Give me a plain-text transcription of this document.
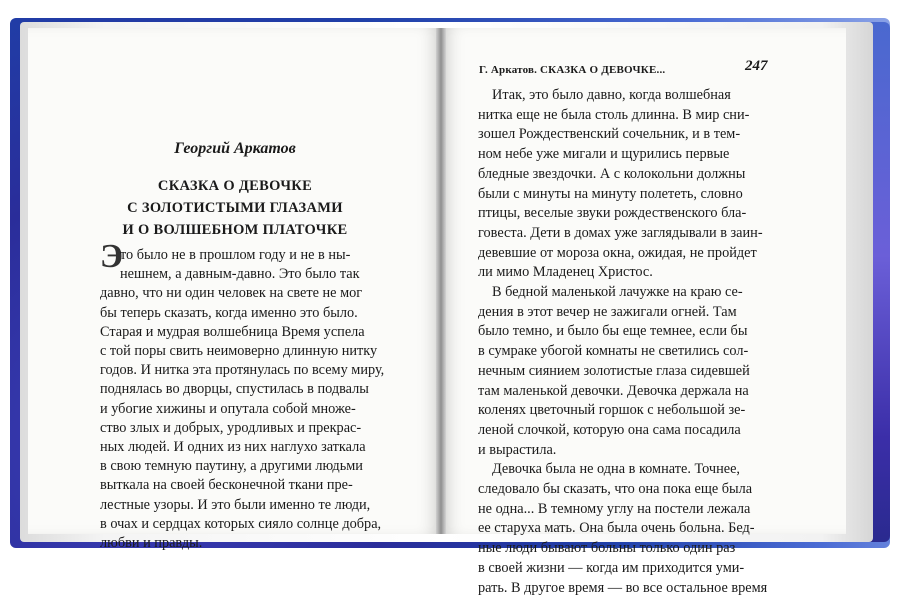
Георгий Аркатов
СКАЗКА О ДЕВОЧКЕ
С ЗОЛОТИСТЫМИ ГЛАЗАМИ
И О ВОЛШЕБНОМ ПЛАТОЧКЕ
Э
то было не в прошлом году и не в ны-
нешнем, а давным-давно. Это было так
давно, что ни один человек на свете не мог
бы теперь сказать, когда именно это было.
Старая и мудрая волшебница Время успела
с той поры свить неимоверно длинную нитку
годов. И нитка эта протянулась по всему миру,
поднялась во дворцы, спустилась в подвалы
и убогие хижины и опутала собой множе-
ство злых и добрых, уродливых и прекрас-
ных людей. И одних из них наглухо заткала
в свою темную паутину, а другими людьми
выткала на своей бесконечной ткани пре-
лестные узоры. И это были именно те люди,
в очах и сердцах которых сияло солнце добра,
любви и правды.
Г. Аркатов. СКАЗКА О ДЕВОЧКЕ...	247
Итак, это было давно, когда волшебная
нитка еще не была столь длинна. В мир сни-
зошел Рождественский сочельник, и в тем-
ном небе уже мигали и щурились первые
бледные звездочки. А с колокольни должны
были с минуты на минуту полететь, словно
птицы, веселые звуки рождественского бла-
говеста. Дети в домах уже заглядывали в заин-
девевшие от мороза окна, ожидая, не пройдет
ли мимо Младенец Христос.
В бедной маленькой лачужке на краю се-
дения в этот вечер не зажигали огней. Там
было темно, и было бы еще темнее, если бы
в сумраке убогой комнаты не светились сол-
нечным сиянием золотистые глаза сидевшей
там маленькой девочки. Девочка держала на
коленях цветочный горшок с небольшой зе-
леной слочкой, которую она сама посадила
и вырастила.
Девочка была не одна в комнате. Точнее,
следовало бы сказать, что она пока еще была
не одна... В темному углу на постели лежала
ее старуха мать. Она была очень больна. Бед-
ные люди бывают больны только один раз
в своей жизни — когда им приходится уми-
рать. В другое время — во все остальное время
